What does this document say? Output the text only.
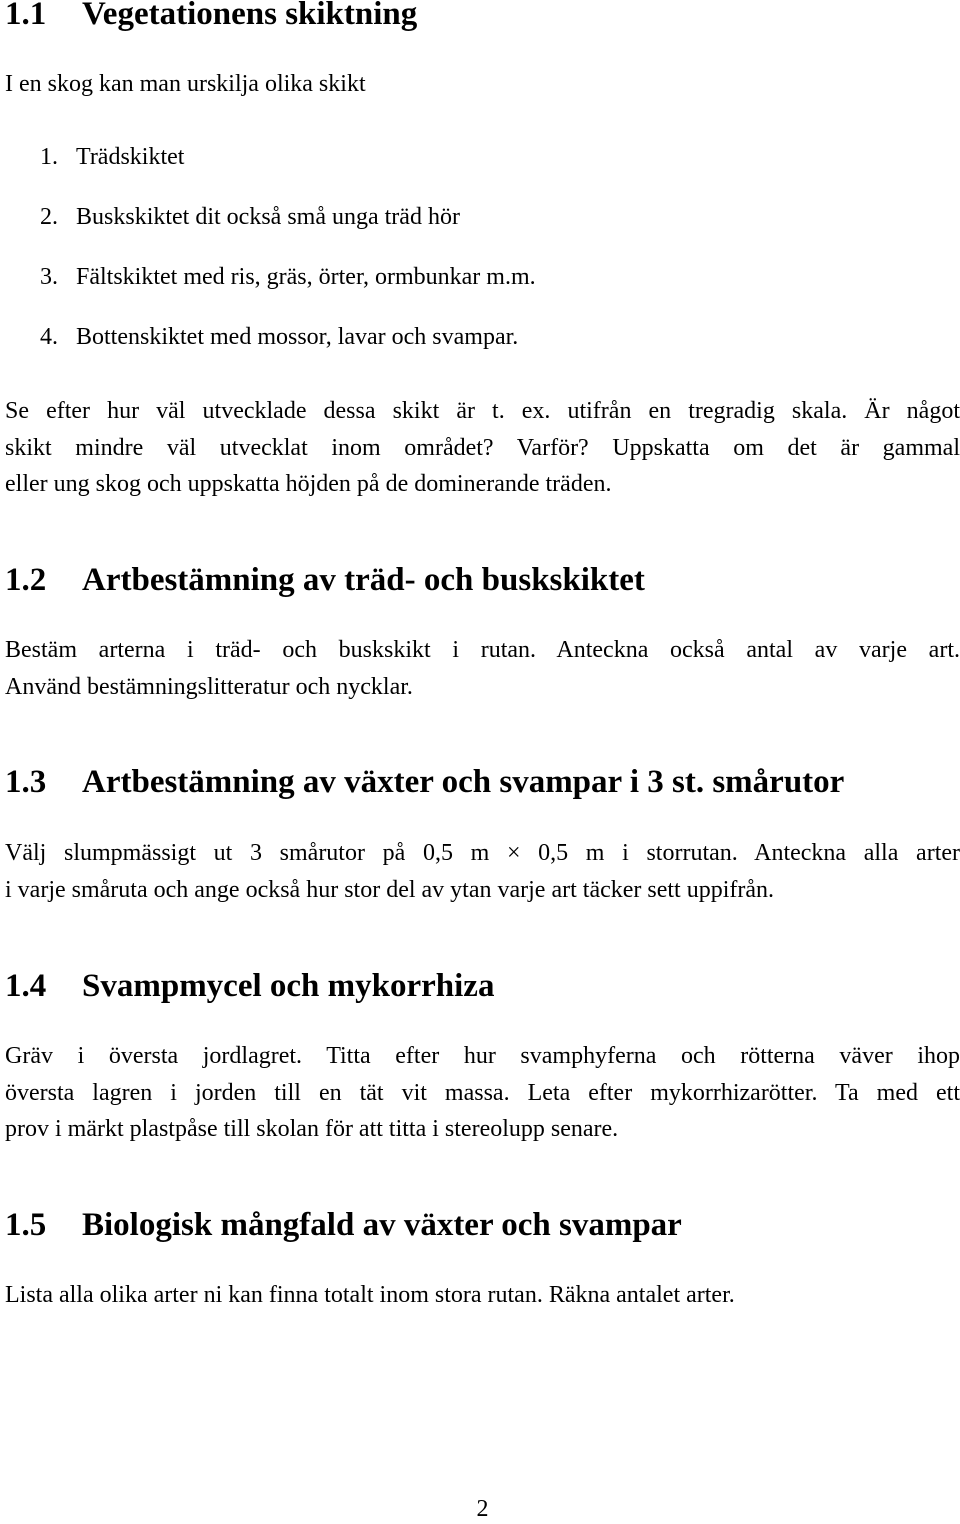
1.1 Vegetationens skiktning

I en skog kan man urskilja olika skikt

1. Trädskiktet
2. Buskskiktet dit också små unga träd hör
3. Fältskiktet med ris, gräs, örter, ormbunkar m.m.
4. Bottenskiktet med mossor, lavar och svampar.

Se efter hur väl utvecklade dessa skikt är t. ex. utifrån en tregradig skala. Är något
skikt mindre väl utvecklat inom området? Varför? Uppskatta om det är gammal
eller ung skog och uppskatta höjden på de dominerande träden.

1.2 Artbestämning av träd- och buskskiktet

Bestäm arterna i träd- och buskskikt i rutan. Anteckna också antal av varje art.
Använd bestämningslitteratur och nycklar.

1.3 Artbestämning av växter och svampar i 3 st. smårutor

Välj slumpmässigt ut 3 smårutor på 0,5 m × 0,5 m i storrutan. Anteckna alla arter
i varje småruta och ange också hur stor del av ytan varje art täcker sett uppifrån.

1.4 Svampmycel och mykorrhiza

Gräv i översta jordlagret. Titta efter hur svamphyferna och rötterna väver ihop
översta lagren i jorden till en tät vit massa. Leta efter mykorrhizarötter. Ta med ett
prov i märkt plastpåse till skolan för att titta i stereolupp senare.

1.5 Biologisk mångfald av växter och svampar

Lista alla olika arter ni kan finna totalt inom stora rutan. Räkna antalet arter.

2
